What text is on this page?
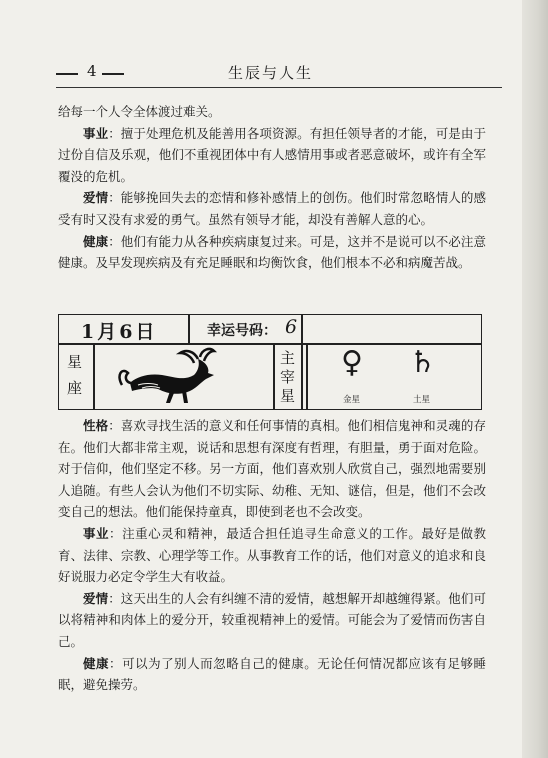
4	生辰与人生

给每一个人令全体渡过难关。

事业：擅于处理危机及能善用各项资源。有担任领导者的才能，可是由于过份自信及乐观，他们不重视团体中有人感情用事或者恶意破坏，或许有全军覆没的危机。

爱情：能够挽回失去的恋情和修补感情上的创伤。他们时常忽略情人的感受有时又没有求爱的勇气。虽然有领导才能，却没有善解人意的心。

健康：他们有能力从各种疾病康复过来。可是，这并不是说可以不必注意健康。及早发现疾病及有充足睡眠和均衡饮食，他们根本不必和病魔苦战。

1月6日	幸运号码： 6
星
座
主
宰
星
♀
金星
♄
土星

性格：喜欢寻找生活的意义和任何事情的真相。他们相信鬼神和灵魂的存在。他们大都非常主观，说话和思想有深度有哲理，有胆量，勇于面对危险。对于信仰，他们坚定不移。另一方面，他们喜欢别人欣赏自己，强烈地需要别人追随。有些人会认为他们不切实际、幼稚、无知、谜信，但是，他们不会改变自己的想法。他们能保持童真，即使到老也不会改变。

事业：注重心灵和精神，最适合担任追寻生命意义的工作。最好是做教育、法律、宗教、心理学等工作。从事教育工作的话，他们对意义的追求和良好说服力必定令学生大有收益。

爱情：这天出生的人会有纠缠不清的爱情，越想解开却越缠得紧。他们可以将精神和肉体上的爱分开，较重视精神上的爱情。可能会为了爱情而伤害自己。

健康：可以为了别人而忽略自己的健康。无论任何情况都应该有足够睡眠，避免操劳。
